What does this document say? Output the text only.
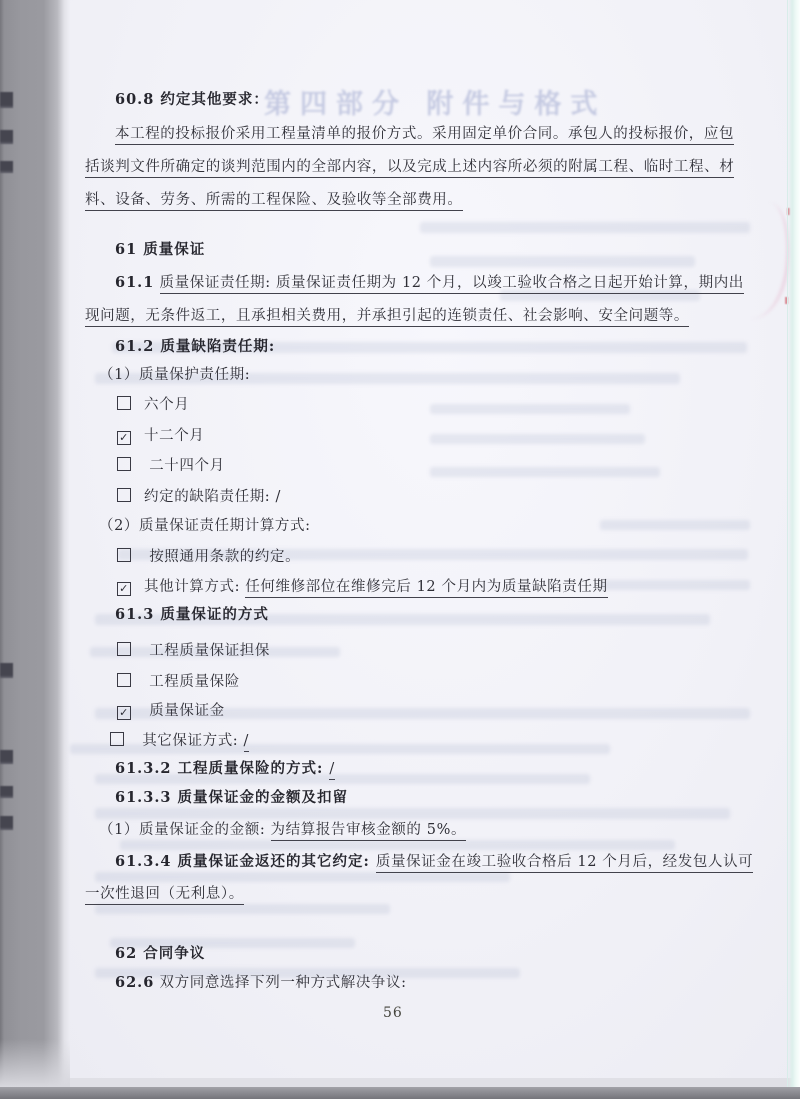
第四部分 附件与格式
60.8 约定其他要求：
本工程的投标报价采用工程量清单的报价方式。采用固定单价合同。承包人的投标报价，应包
括谈判文件所确定的谈判范围内的全部内容，以及完成上述内容所必须的附属工程、临时工程、材
料、设备、劳务、所需的工程保险、及验收等全部费用。
61 质量保证
61.1 质量保证责任期: 质量保证责任期为 12 个月，以竣工验收合格之日起开始计算，期内出
现问题，无条件返工，且承担相关费用，并承担引起的连锁责任、社会影响、安全问题等。
61.2 质量缺陷责任期:
（1）质量保护责任期:
六个月
✓ 十二个月
二十四个月
约定的缺陷责任期: /
（2）质量保证责任期计算方式:
按照通用条款的约定。
✓ 其他计算方式: 任何维修部位在维修完后 12 个月内为质量缺陷责任期
61.3 质量保证的方式
工程质量保证担保
工程质量保险
✓ 质量保证金
其它保证方式: /
61.3.2 工程质量保险的方式: /
61.3.3 质量保证金的金额及扣留
（1）质量保证金的金额: 为结算报告审核金额的 5%。
61.3.4 质量保证金返还的其它约定: 质量保证金在竣工验收合格后 12 个月后，经发包人认可
一次性退回（无利息）。
62 合同争议
62.6 双方同意选择下列一种方式解决争议:
56
